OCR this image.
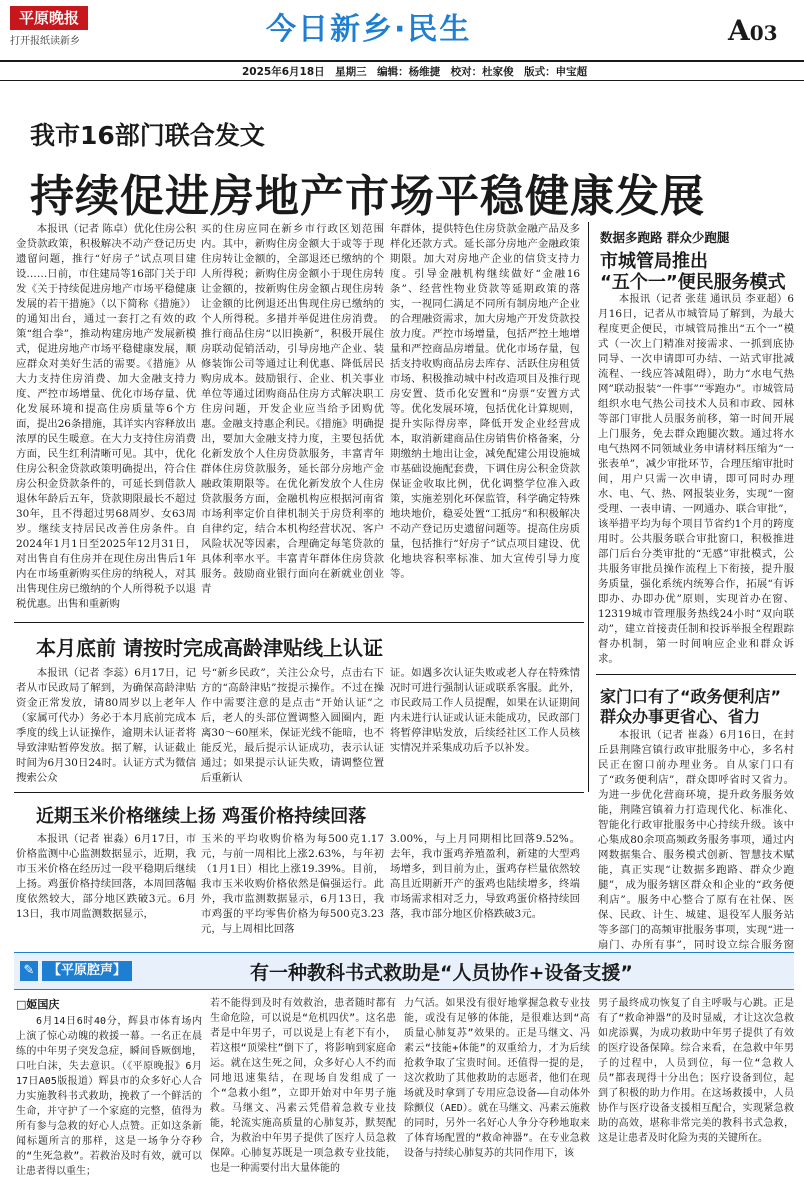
平原晚报
打开报纸读新乡	今日新乡·民生	A03
2025年6月18日　星期三　编辑：杨维捷　校对：杜家俊　版式：申宝超
我市16部门联合发文
持续促进房地产市场平稳健康发展

本报讯（记者 陈卓）优化住房公积金贷款政策，积极解决不动产登记历史遗留问题，推行“好房子”试点项目建设……日前，市住建局等16部门关于印发《关于持续促进房地产市场平稳健康发展的若干措施》（以下简称《措施》）的通知出台，通过一套打之有效的政策“组合拳”，推动构建房地产发展新模式，促进房地产市场平稳健康发展，顺应群众对美好生活的需要。《措施》从大力支持住房消费、加大金融支持力度、严控市场增量、优化市场存量、优化发展环境和提高住房质量等6个方面，提出26条措施，其详实内容释放出浓厚的民生暖意。在大力支持住房消费方面，民生红利清晰可见。其中，优化住房公积金贷款政策明确提出，符合住房公积金贷款条件的，可延长到借款人退休年龄后五年，贷款期限最长不超过30年，且不得超过男68周岁、女63周岁。继续支持居民改善住房条件。自2024年1月1日至2025年12月31日，对出售自有住房并在现住房出售后1年内在市场重新购买住房的纳税人，对其出售现住房已缴纳的个人所得税予以退税优惠。出售和重新购

买的住房应同在新乡市行政区划范围内。其中，新购住房金额大于或等于现住房转让金额的，全部退还已缴纳的个人所得税；新购住房金额小于现住房转让金额的，按新购住房金额占现住房转让金额的比例退还出售现住房已缴纳的个人所得税。多措并举促进住房消费。推行商品住房“以旧换新”，积极开展住房联动促销活动，引导房地产企业、装修装饰公司等通过让利优惠、降低居民购房成本。鼓励银行、企业、机关事业单位等通过团购商品住房方式解决职工住房问题，开发企业应当给予团购优惠。金融支持惠企利民。《措施》明确提出，要加大金融支持力度，主要包括优化新发放个人住房贷款服务，丰富青年群体住房贷款服务，延长部分房地产金融政策期限等。在优化新发放个人住房贷款服务方面，金融机构应根据河南省市场利率定价自律机制关于房贷利率的自律约定，结合本机构经营状况、客户风险状况等因素，合理确定每笔贷款的具体利率水平。丰富青年群体住房贷款服务。鼓励商业银行面向在新就业创业青

年群体，提供特色住房贷款金融产品及多样化还款方式。延长部分房地产金融政策期限。加大对房地产企业的信贷支持力度。引导金融机构继续做好“金融16条”、经营性物业贷款等延期政策的落实，一视同仁满足不同所有制房地产企业的合理融资需求，加大房地产开发贷款投放力度。严控市场增量，包括严控土地增量和严控商品房增量。优化市场存量，包括支持收购商品房去库存、活跃住房租赁市场、积极推动城中村改造项目及推行现房安置、货币化安置和“房票”安置方式等。优化发展环境，包括优化计算规则，提升实际得房率，降低开发企业经营成本，取消新建商品住房销售价格备案，分期缴纳土地出让金，减免配建公用设施城市基础设施配套费，下调住房公积金贷款保证金收取比例，优化调整学位准入政策，实施差别化环保监管，科学确定特殊地块地价，稳妥处置“工抵房”和积极解决不动产登记历史遗留问题等。提高住房质量，包括推行“好房子”试点项目建设、优化地块容积率标准、加大宣传引导力度等。

数据多跑路 群众少跑腿
市城管局推出
“五个一”便民服务模式

本报讯（记者 张莛 通讯员 李亚超）6月16日，记者从市城管局了解到，为最大程度更企便民，市城管局推出“五个一”模式（一次上门精准对接需求、一抓到底协同导、一次申请即可办结、一站式审批减流程、一线应答减阻碍），助力“水电气热网”联动报装“一件事”“零跑办”。市城管局组织水电气热公司技术人员和市政、园林等部门审批人员服务前移，第一时间开展上门服务，免去群众跑腿次数。通过将水电气热网不同领域业务申请材料压缩为“一张表单”，减少审批环节，合理压缩审批时间，用户只需一次申请，即可同时办理水、电、气、热、网报装业务，实现“一窗受理、一表申请、一网通办、联合审批”，该举措平均为每个项目节省约1个月的跨度用时。公共服务联合审批窗口，积极推进部门后台分类审批的“无感”审批模式，公共服务审批员操作流程上下衔接，提升服务质量，强化系统内统筹合作，拓展“有诉即办、办即办优”原则，实现首办在窗、12319城市管理服务热线24小时“双向联动”，建立首接责任制和投诉举报全程跟踪督办机制，第一时间响应企业和群众诉求。

本月底前 请按时完成高龄津贴线上认证

本报讯（记者 李蕊）6月17日，记者从市民政局了解到，为确保高龄津贴资金正常发放，请80周岁以上老年人（家属可代办）务必于本月底前完成本季度的线上认证操作，逾期未认证者将导致津贴暂停发放。据了解，认证截止时间为6月30日24时。认证方式为微信搜索公众

号“新乡民政”，关注公众号，点击右下方的“高龄津贴”按提示操作。不过在操作中需要注意的是点击“开始认证”之后，老人的头部位置调整入圆圈内，距离30～60厘米，保证光线不能暗，也不能反光，最后提示认证成功，表示认证通过；如果提示认证失败，请调整位置后重新认

证。如遇多次认证失败或老人存在特殊情况时可进行强制认证或联系客服。此外，市民政局工作人员提醒，如果在认证期间内未进行认证或认证未能成功，民政部门将暂停津贴发放，后续经社区工作人员核实情况并采集成功后予以补发。

家门口有了“政务便利店”
群众办事更省心、省力

本报讯（记者 崔淼）6月16日，在封丘县荆隆宫镇行政审批服务中心，多名村民正在窗口前办理业务。自从家门口有了“政务便利店”，群众即呼省时又省力。为进一步优化营商环境，提升政务服务效能，荆隆宫镇着力打造现代化、标准化、智能化行政审批服务中心持续升级。该中心集成80余项高频政务服务事项，通过内网数据集合、服务模式创新、智慧技术赋能，真正实现“让数据多跑路、群众少跑腿”，成为服务辖区群众和企业的“政务便利店”。服务中心整合了原有在社保、医保、民政、计生、城建、退役军人服务站等多部门的高频审批服务事项，实现“进一扇门、办所有事”，同时设立综合服务窗

近期玉米价格继续上扬 鸡蛋价格持续回落

本报讯（记者 崔淼）6月17日，市价格监测中心监测数据显示，近期，我市玉米价格在经历过一段平稳期后继续上扬。鸡蛋价格持续回落，本周回落幅度依然较大，部分地区跌破3元。6月13日，我市周监测数据显示，

玉米的平均收购价格为每500克1.17元，与前一周相比上涨2.63%，与年初（1月1日）相比上涨19.39%。目前，我市玉米收购价格依然是偏强运行。此外，我市监测数据显示，6月13日，我市鸡蛋的平均零售价格为每500克3.23元，与上周相比回落

3.00%，与上月同期相比回落9.52%。去年，我市蛋鸡养殖盈利，新建的大型鸡场增多，到目前为止，蛋鸡存栏量依然较高且近期新开产的蛋鸡也陆续增多，终端市场需求相对乏力，导致鸡蛋价格持续回落，我市部分地区价格跌破3元。

✎	【平原腔声】	有一种教科书式救助是“人员协作+设备支援”
□姬国庆

6月14日6时40分，辉县市体育场内上演了惊心动魄的救援一幕。一名正在晨练的中年男子突发急症，瞬间昏厥倒地，口吐白沫，失去意识。（《平原晚报》6月17日A05版报道）辉县市的众多好心人合力实施教科书式救助，挽救了一个鲜活的生命，并守护了一个家庭的完整，值得为所有参与急救的好心人点赞。正如这条新闻标题所言的那样，这是一场争分夺秒的“生死急救”。若救治及时有效，就可以让患者得以重生；

若不能得到及时有效救治，患者随时都有生命危险，可以说是“危机四伏”。这名患者是中年男子，可以说是上有老下有小，若这根“顶梁柱”倒下了，将影响到家庭命运。就在这生死之间，众多好心人不约而同地迅速集结，在现场自发组成了一个“急救小组”，立即开始对中年男子施救。马继文、冯素云凭借着急救专业技能，轮流实施高质量的心肺复苏，默契配合，为救治中年男子提供了医疗人员急救保障。心肺复苏既是一项急救专业技能，也是一种需要付出大量体能的

力气活。如果没有很好地掌握急救专业技能，或没有足够的体能，是很难达到“高质量心肺复苏”效果的。正是马继文、冯素云“技能+体能”的双重给力，才为后续抢救争取了宝贵时间。还值得一提的是，这次救助了其他救助的志愿者，他们在现场就及时拿到了专用应急设备——自动体外除颤仪（AED）。就在马继文、冯素云施救的同时，另外一名好心人争分夺秒地取来了体育场配置的“救命神器”。在专业急救设备与持续心肺复苏的共同作用下，该

男子最终成功恢复了自主呼吸与心跳。正是有了“救命神器”的及时显威，才让这次急救如虎添翼，为成功救助中年男子提供了有效的医疗设备保障。综合来看，在急救中年男子的过程中，人员到位，每一位“急救人员”都表现得十分出色；医疗设备到位，起到了积极的助力作用。在这场救援中，人员协作与医疗设备支援相互配合，实现紧急救助的高效，堪称非常完美的教科书式急救，这是让患者及时化险为夷的关键所在。
